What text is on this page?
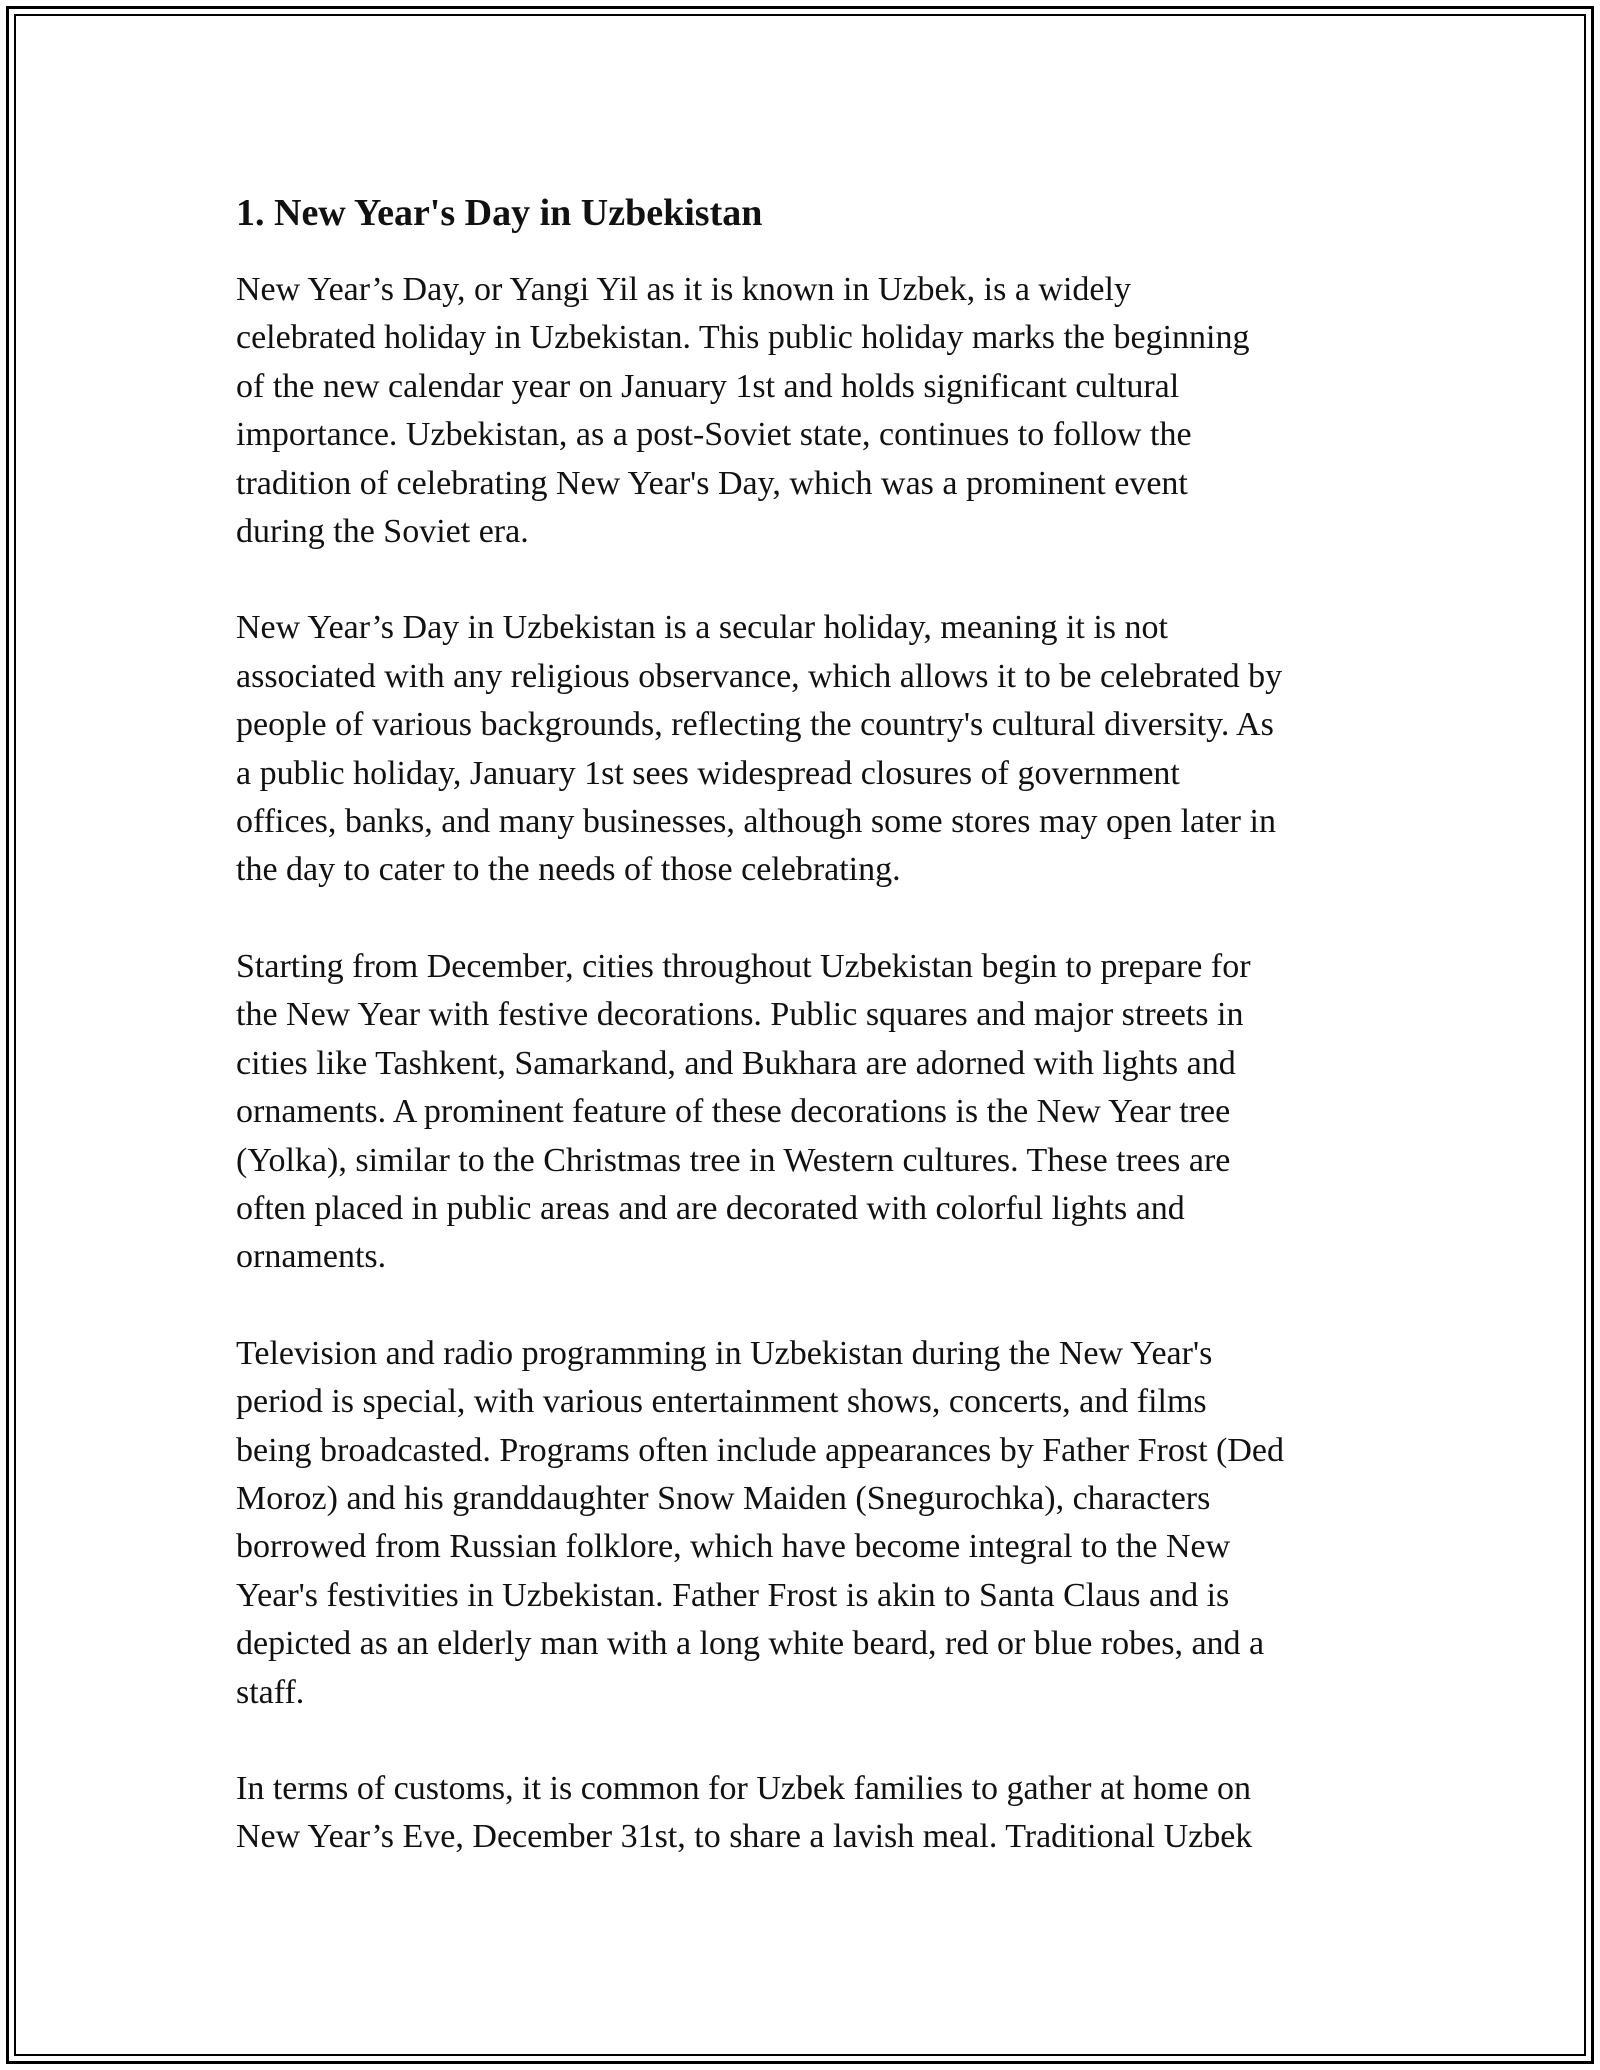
1. New Year's Day in Uzbekistan

New Year’s Day, or Yangi Yil as it is known in Uzbek, is a widely
celebrated holiday in Uzbekistan. This public holiday marks the beginning
of the new calendar year on January 1st and holds significant cultural
importance. Uzbekistan, as a post-Soviet state, continues to follow the
tradition of celebrating New Year's Day, which was a prominent event
during the Soviet era.

New Year’s Day in Uzbekistan is a secular holiday, meaning it is not
associated with any religious observance, which allows it to be celebrated by
people of various backgrounds, reflecting the country's cultural diversity. As
a public holiday, January 1st sees widespread closures of government
offices, banks, and many businesses, although some stores may open later in
the day to cater to the needs of those celebrating.

Starting from December, cities throughout Uzbekistan begin to prepare for
the New Year with festive decorations. Public squares and major streets in
cities like Tashkent, Samarkand, and Bukhara are adorned with lights and
ornaments. A prominent feature of these decorations is the New Year tree
(Yolka), similar to the Christmas tree in Western cultures. These trees are
often placed in public areas and are decorated with colorful lights and
ornaments.

Television and radio programming in Uzbekistan during the New Year's
period is special, with various entertainment shows, concerts, and films
being broadcasted. Programs often include appearances by Father Frost (Ded
Moroz) and his granddaughter Snow Maiden (Snegurochka), characters
borrowed from Russian folklore, which have become integral to the New
Year's festivities in Uzbekistan. Father Frost is akin to Santa Claus and is
depicted as an elderly man with a long white beard, red or blue robes, and a
staff.

In terms of customs, it is common for Uzbek families to gather at home on
New Year’s Eve, December 31st, to share a lavish meal. Traditional Uzbek
